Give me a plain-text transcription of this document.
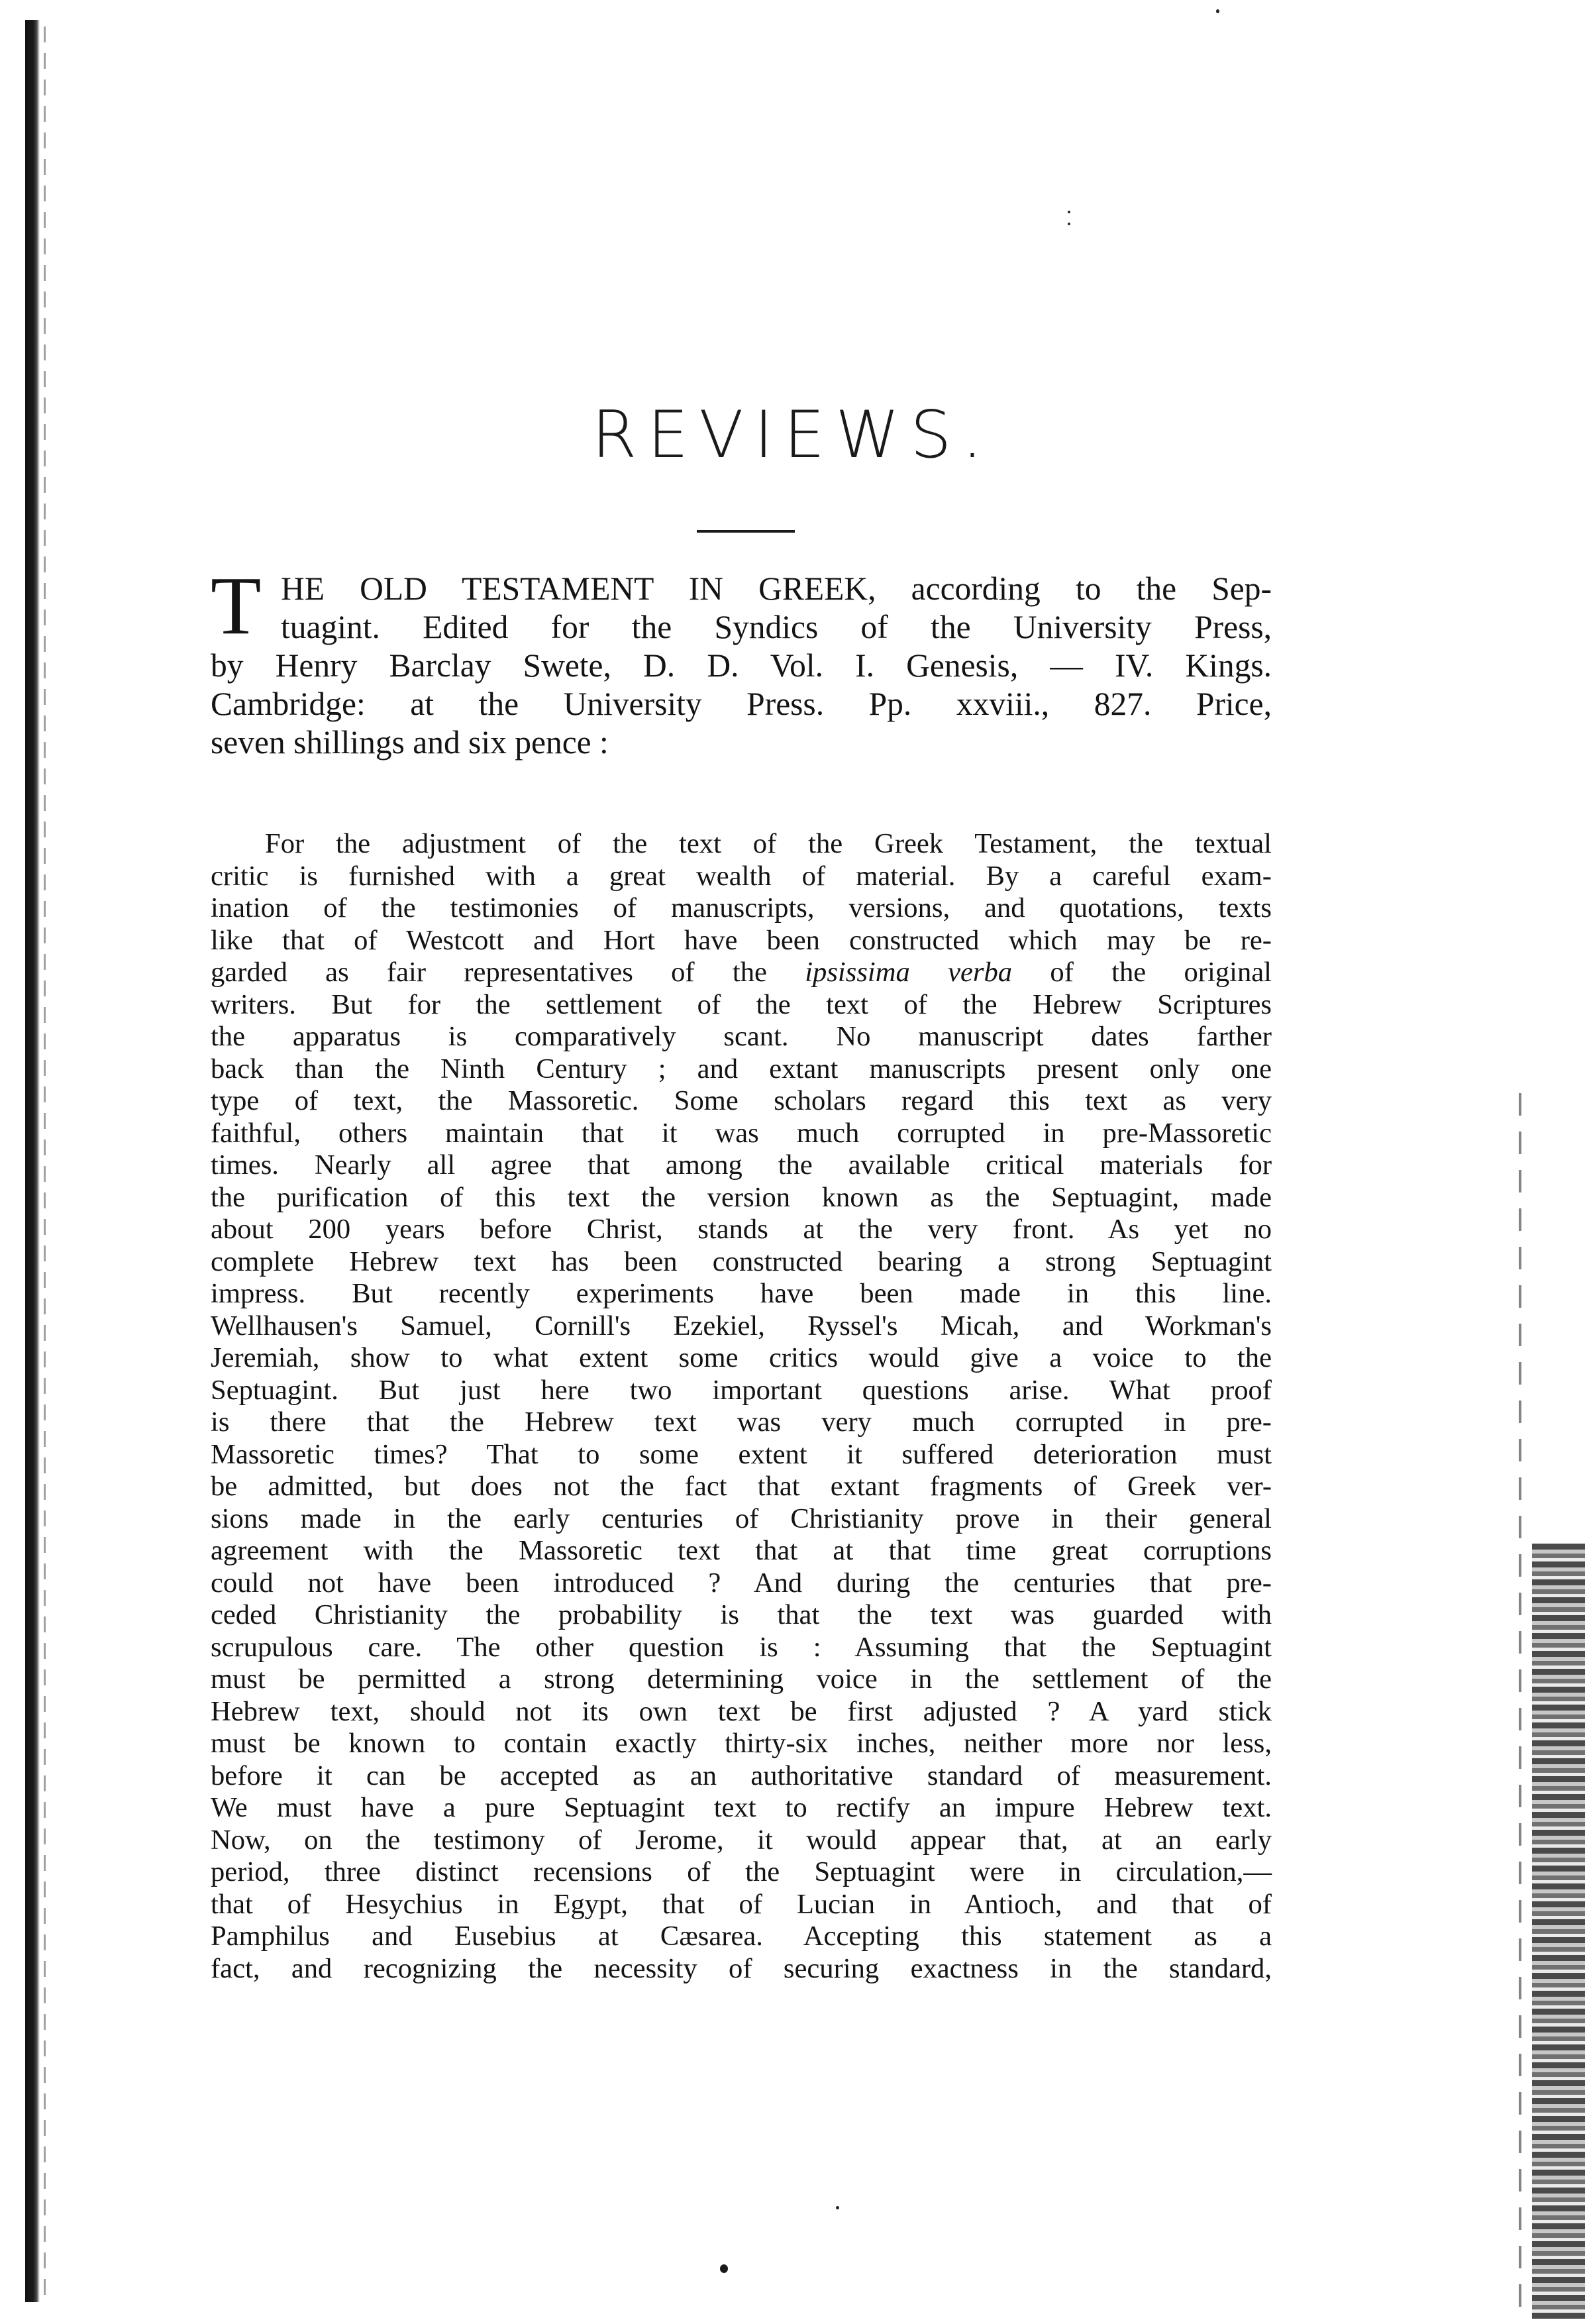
REVIEWS.
T HE OLD TESTAMENT IN GREEK, according to the Sep-
tuagint. Edited for the Syndics of the University Press,
by Henry Barclay Swete, D. D. Vol. I. Genesis, — IV. Kings.
Cambridge: at the University Press. Pp. xxviii., 827. Price,
seven shillings and six pence :
For the adjustment of the text of the Greek Testament, the textual
critic is furnished with a great wealth of material. By a careful exam-
ination of the testimonies of manuscripts, versions, and quotations, texts
like that of Westcott and Hort have been constructed which may be re-
garded as fair representatives of the ipsissima verba of the original
writers. But for the settlement of the text of the Hebrew Scriptures
the apparatus is comparatively scant. No manuscript dates farther
back than the Ninth Century ; and extant manuscripts present only one
type of text, the Massoretic. Some scholars regard this text as very
faithful, others maintain that it was much corrupted in pre-Massoretic
times. Nearly all agree that among the available critical materials for
the purification of this text the version known as the Septuagint, made
about 200 years before Christ, stands at the very front. As yet no
complete Hebrew text has been constructed bearing a strong Septuagint
impress. But recently experiments have been made in this line.
Wellhausen's Samuel, Cornill's Ezekiel, Ryssel's Micah, and Workman's
Jeremiah, show to what extent some critics would give a voice to the
Septuagint. But just here two important questions arise. What proof
is there that the Hebrew text was very much corrupted in pre-
Massoretic times? That to some extent it suffered deterioration must
be admitted, but does not the fact that extant fragments of Greek ver-
sions made in the early centuries of Christianity prove in their general
agreement with the Massoretic text that at that time great corruptions
could not have been introduced ? And during the centuries that pre-
ceded Christianity the probability is that the text was guarded with
scrupulous care. The other question is : Assuming that the Septuagint
must be permitted a strong determining voice in the settlement of the
Hebrew text, should not its own text be first adjusted ? A yard stick
must be known to contain exactly thirty-six inches, neither more nor less,
before it can be accepted as an authoritative standard of measurement.
We must have a pure Septuagint text to rectify an impure Hebrew text.
Now, on the testimony of Jerome, it would appear that, at an early
period, three distinct recensions of the Septuagint were in circulation,—
that of Hesychius in Egypt, that of Lucian in Antioch, and that of
Pamphilus and Eusebius at Cæsarea. Accepting this statement as a
fact, and recognizing the necessity of securing exactness in the standard,
